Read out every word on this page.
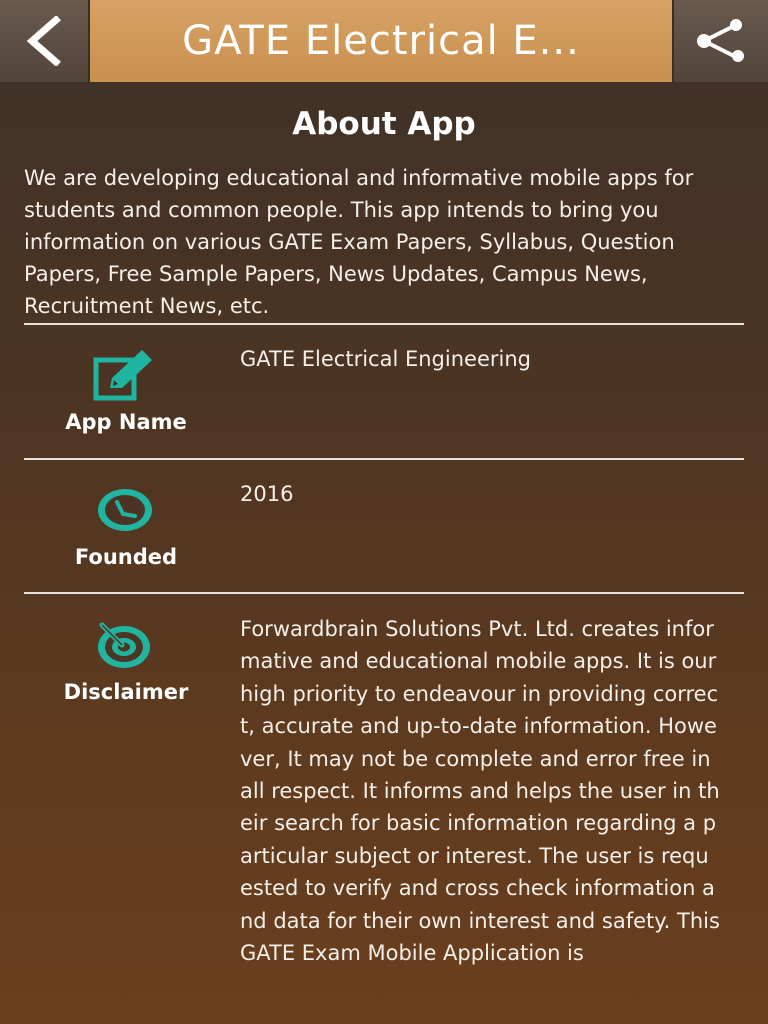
GATE Electrical E...
About App
We are developing educational and informative mobile apps for students and common people. This app intends to bring you information on various GATE Exam Papers, Syllabus, Question Papers, Free Sample Papers, News Updates, Campus News, Recruitment News, etc.
App Name
GATE Electrical Engineering
Founded
2016
Disclaimer
Forwardbrain Solutions Pvt. Ltd. creates informative and educational mobile apps. It is our high priority to endeavour in providing correct, accurate and up-to-date information. However, It may not be complete and error free in all respect. It informs and helps the user in their search for basic information regarding a particular subject or interest. The user is requested to verify and cross check information and data for their own interest and safety. This GATE Exam Mobile Application is
